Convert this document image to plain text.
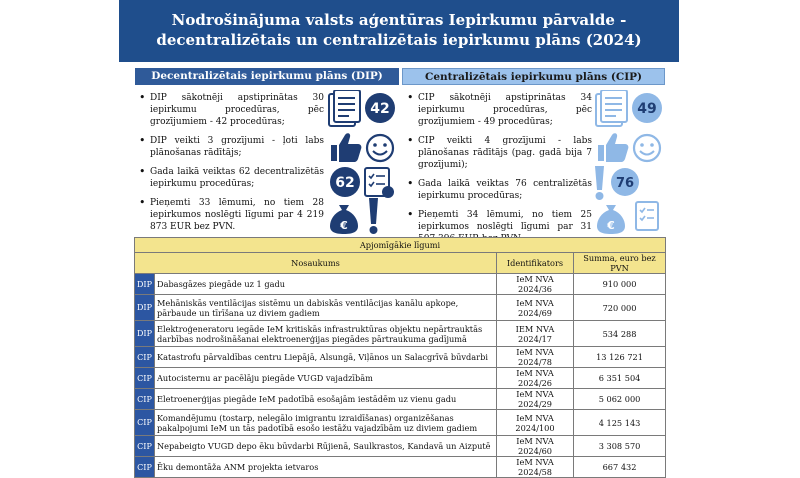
Nodrošinājuma valsts aģentūras Iepirkumu pārvalde -
decentralizētais un centralizētais iepirkumu plāns (2024)
Decentralizētais iepirkumu plāns (DIP)	Centralizētais iepirkumu plāns (CIP)
• DIP sākotnēji apstiprinātas 30 iepirkumu procedūras, pēc grozījumiem - 42 procedūras;
• DIP veikti 3 grozījumi - ļoti labs plānošanas rādītājs;
• Gada laikā veiktas 62 decentralizētās iepirkumu procedūras;
• Pieņemti 33 lēmumi, no tiem 28 iepirkumos noslēgti līgumi par 4 219 873 EUR bez PVN.
• CIP sākotnēji apstiprinātas 34 iepirkumu procedūras, pēc grozījumiem - 49 procedūras;
• CIP veikti 4 grozījumi - labs plānošanas rādītājs (pag. gadā bija 7 grozījumi);
• Gada laikā veiktas 76 centralizētās iepirkumu procedūras;
• Pieņemti 34 lēmumi, no tiem 25 iepirkumos noslēgti līgumi par 31
42
62
€
49
76
€
Apjomīgākie līgumi			
Nosaukums		Identifikators	Summa, euro bez PVN
DIP	Dabasgāzes piegāde uz 1 gadu	IeM NVA 2024/36	910 000
DIP	Mehāniskās ventilācijas sistēmu un dabiskās ventilācijas kanālu apkope, pārbaude un tīrīšana uz diviem gadiem	IeM NVA 2024/69	720 000
DIP	Elektroģeneratoru iegāde IeM kritiskās infrastruktūras objektu nepārtrauktās darbības nodrošināšanai elektroenerģijas piegādes pārtraukuma gadījumā	IEM NVA 2024/17	534 288
CIP	Katastrofu pārvaldības centru Liepājā, Alsungā, Viļānos un Salacgrīvā būvdarbi	IeM NVA 2024/78	13 126 721
CIP	Autocisternu ar pacēlāju piegāde VUGD vajadzībām	IeM NVA 2024/26	6 351 504
CIP	Eletroenerģijas piegāde IeM padotībā esošajām iestādēm uz vienu gadu	IeM NVA 2024/29	5 062 000
CIP	Komandējumu (tostarp, nelegālo imigrantu izraidīšanas) organizēšanas pakalpojumi IeM un tās padotībā esošo iestāžu vajadzībām uz diviem gadiem	IeM NVA 2024/100	4 125 143
CIP	Nepabeigto VUGD depo ēku būvdarbi Rūjienā, Saulkrastos, Kandavā un Aizputē	IeM NVA 2024/60	3 308 570
CIP	Ēku demontāža ANM projekta ietvaros	IeM NVA 2024/58	667 432
